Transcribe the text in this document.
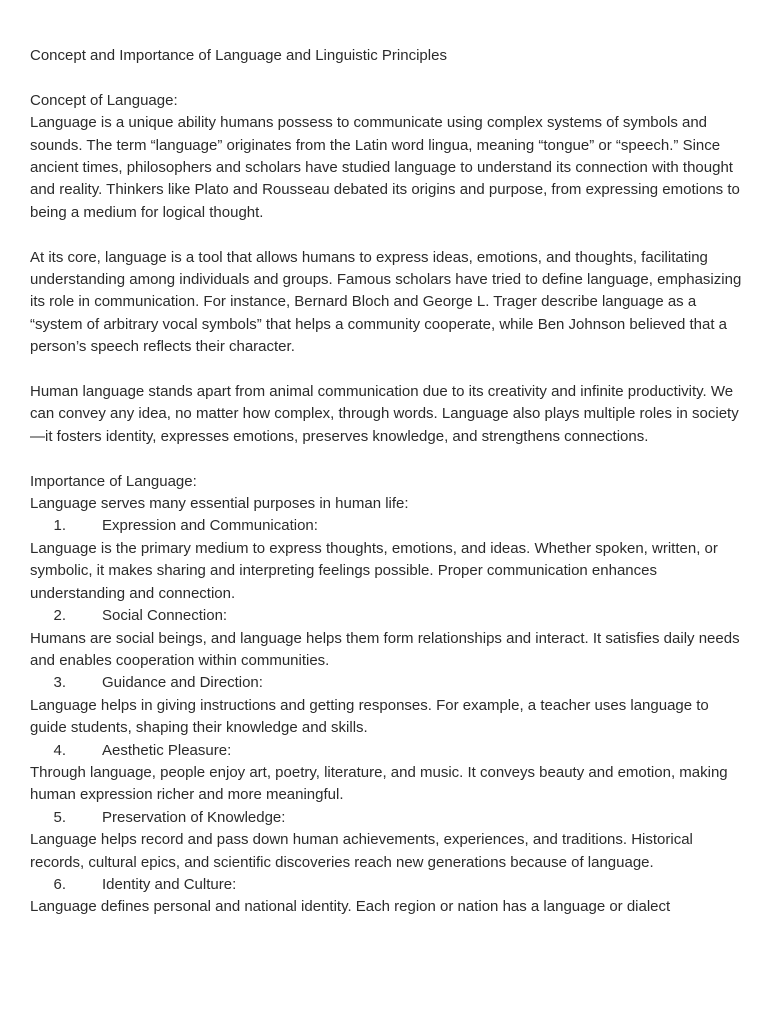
Concept and Importance of Language and Linguistic Principles

Concept of Language:

Language is a unique ability humans possess to communicate using complex systems of symbols and sounds. The term “language” originates from the Latin word lingua, meaning “tongue” or “speech.” Since ancient times, philosophers and scholars have studied language to understand its connection with thought and reality. Thinkers like Plato and Rousseau debated its origins and purpose, from expressing emotions to being a medium for logical thought.

At its core, language is a tool that allows humans to express ideas, emotions, and thoughts, facilitating understanding among individuals and groups. Famous scholars have tried to define language, emphasizing its role in communication. For instance, Bernard Bloch and George L. Trager describe language as a “system of arbitrary vocal symbols” that helps a community cooperate, while Ben Johnson believed that a person’s speech reflects their character.

Human language stands apart from animal communication due to its creativity and infinite productivity. We can convey any idea, no matter how complex, through words. Language also plays multiple roles in society—it fosters identity, expresses emotions, preserves knowledge, and strengthens connections.

Importance of Language:

Language serves many essential purposes in human life:

1. Expression and Communication:

Language is the primary medium to express thoughts, emotions, and ideas. Whether spoken, written, or symbolic, it makes sharing and interpreting feelings possible. Proper communication enhances understanding and connection.

2. Social Connection:

Humans are social beings, and language helps them form relationships and interact. It satisfies daily needs and enables cooperation within communities.

3. Guidance and Direction:

Language helps in giving instructions and getting responses. For example, a teacher uses language to guide students, shaping their knowledge and skills.

4. Aesthetic Pleasure:

Through language, people enjoy art, poetry, literature, and music. It conveys beauty and emotion, making human expression richer and more meaningful.

5. Preservation of Knowledge:

Language helps record and pass down human achievements, experiences, and traditions. Historical records, cultural epics, and scientific discoveries reach new generations because of language.

6. Identity and Culture:

Language defines personal and national identity. Each region or nation has a language or dialect
